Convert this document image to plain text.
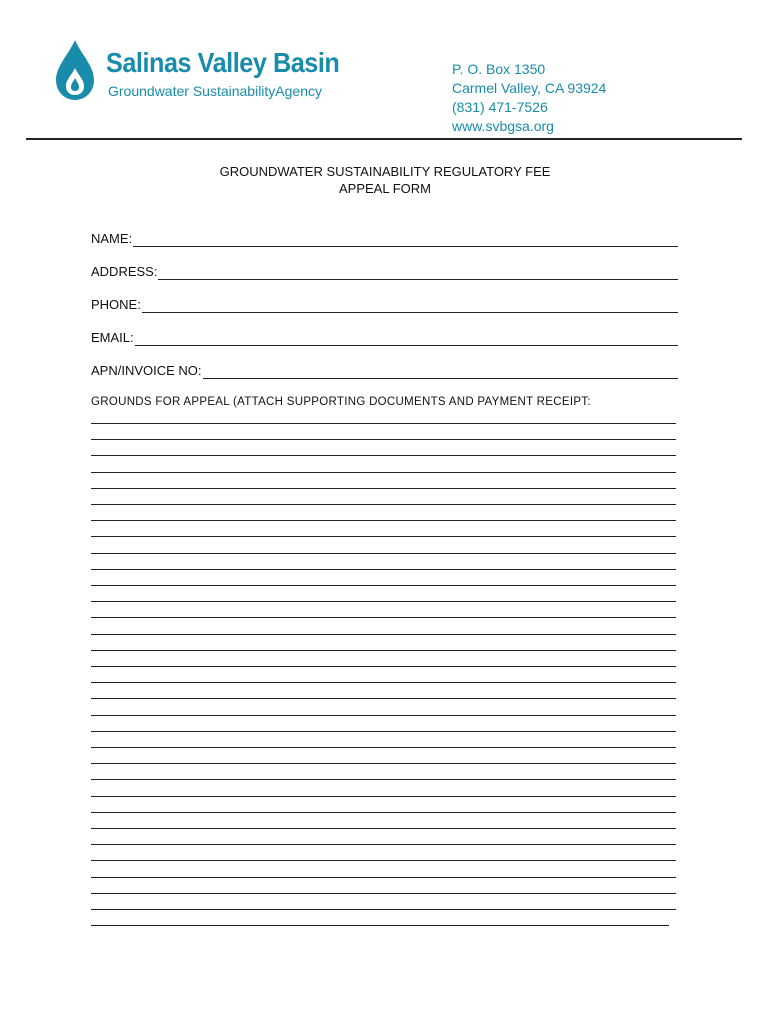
Salinas Valley Basin
Groundwater SustainabilityAgency
P. O. Box 1350
Carmel Valley, CA 93924
(831) 471-7526
www.svbgsa.org
GROUNDWATER SUSTAINABILITY REGULATORY FEE
APPEAL FORM
NAME:
ADDRESS:
PHONE:
EMAIL:
APN/INVOICE NO:
GROUNDS FOR APPEAL (ATTACH SUPPORTING DOCUMENTS AND PAYMENT RECEIPT:
